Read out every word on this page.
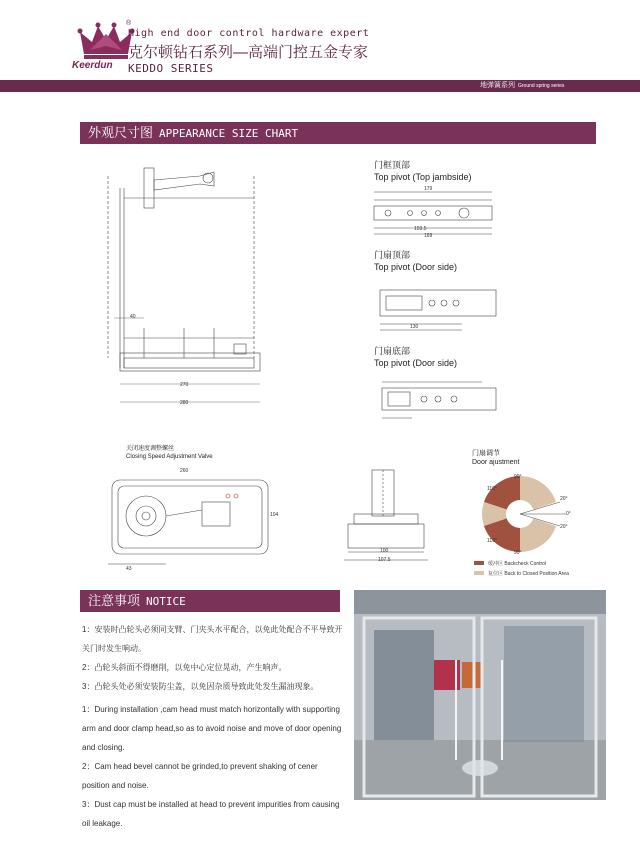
Keerdun
®
High end door control hardware expert
克尔顿钻石系列—高端门控五金专家
KEDDO SERIES
地弹簧系列 Ground spring series
外观尺寸图 APPEARANCE SIZE CHART
270
280
40
门框顶部
Top pivot (Top jambside)
179
159.5
169
门扇顶部
Top pivot (Door side)
130
门扇底部
Top pivot (Door side)
关闭速度调整螺丝
Closing Speed Adjustment Valve
260
104
43
100
107.5
门扇调节
Door ajustment
90°
110°
20°
0°
20°
110°
90°
缓冲区 Backcheck Control
复位区 Back to Closed Position Area
注意事项 NOTICE

1：安装时凸轮头必须同支臂、门夹头水平配合，以免此处配合不平导致开关门时发生响动。

2：凸轮头斜面不得磨削，以免中心定位晃动，产生响声。

3：凸轮头处必须安装防尘盖，以免因杂质导致此处发生漏油现象。

1：During installation ,cam head must match horizontally with supporting arm and door clamp head,so as to avoid noise and move of door opening and closing.

2：Cam head bevel cannot be grinded,to prevent shaking of cener position and noise.

3：Dust cap must be installed at head to prevent impurities from causing oil leakage.
